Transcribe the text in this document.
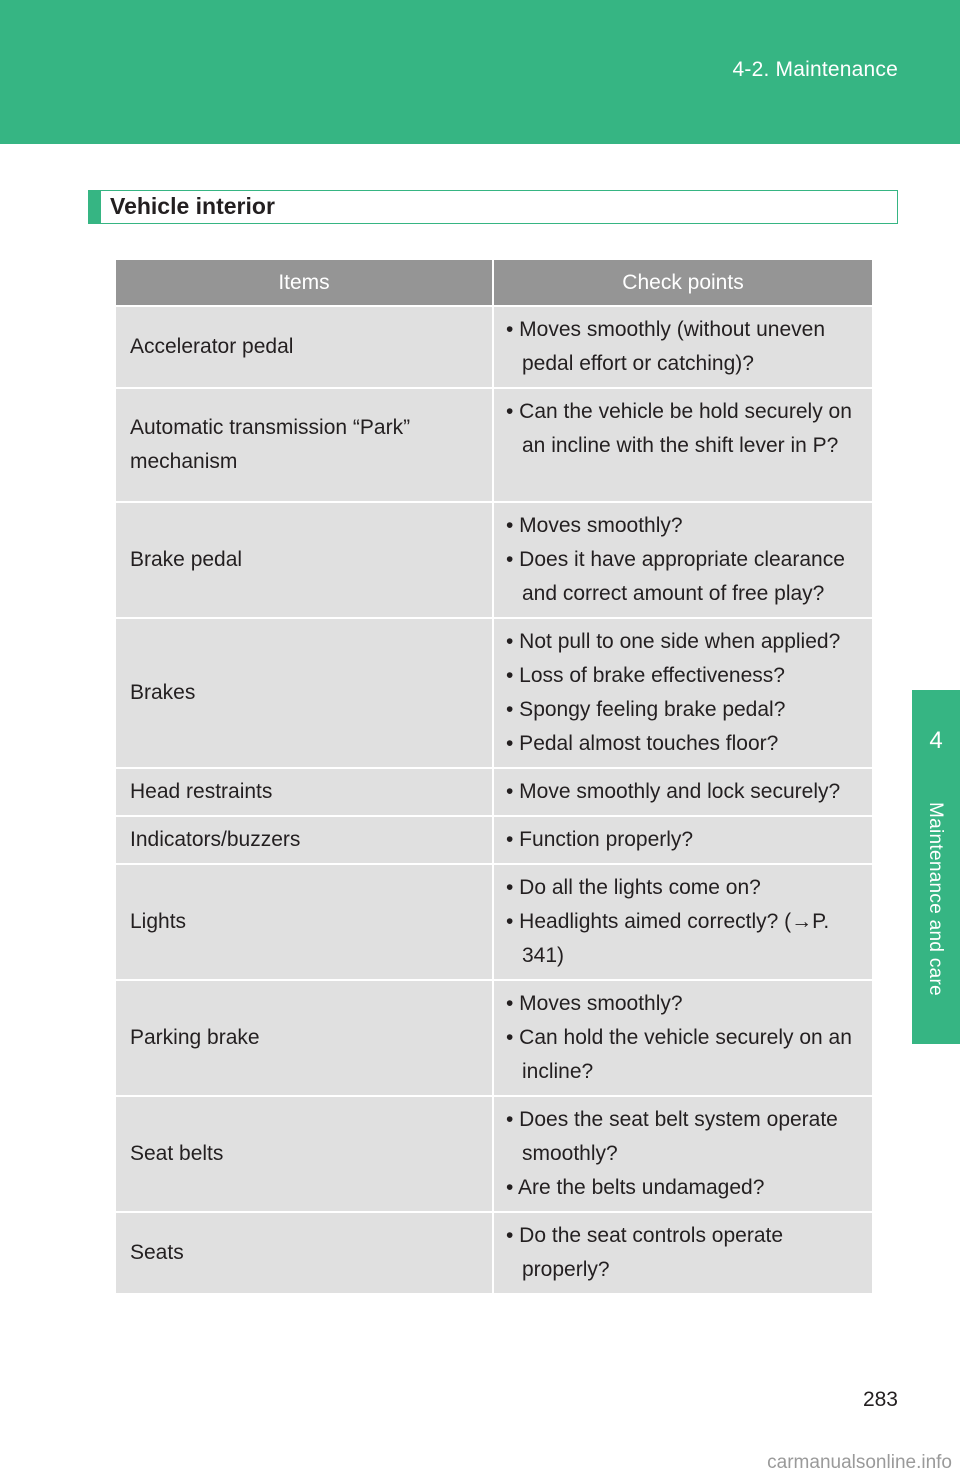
4-2. Maintenance
4
Maintenance and care
Vehicle interior
Items	Check points
Accelerator pedal	• Moves smoothly (without uneven pedal effort or catching)?

Automatic transmission “Park” mechanism	• Can the vehicle be hold securely on an incline with the shift lever in P?

Brake pedal	• Moves smoothly?
• Does it have appropriate clearance and correct amount of free play?

Brakes	• Not pull to one side when applied?
• Loss of brake effectiveness?
• Spongy feeling brake pedal?
• Pedal almost touches floor?

Head restraints	• Move smoothly and lock securely?

Indicators/buzzers	• Function properly?

Lights	• Do all the lights come on?
• Headlights aimed correctly? (→P. 341)

Parking brake	• Moves smoothly?
• Can hold the vehicle securely on an incline?

Seat belts	• Does the seat belt system operate smoothly?
• Are the belts undamaged?

Seats	• Do the seat controls operate properly?
283
carmanualsonline.info
